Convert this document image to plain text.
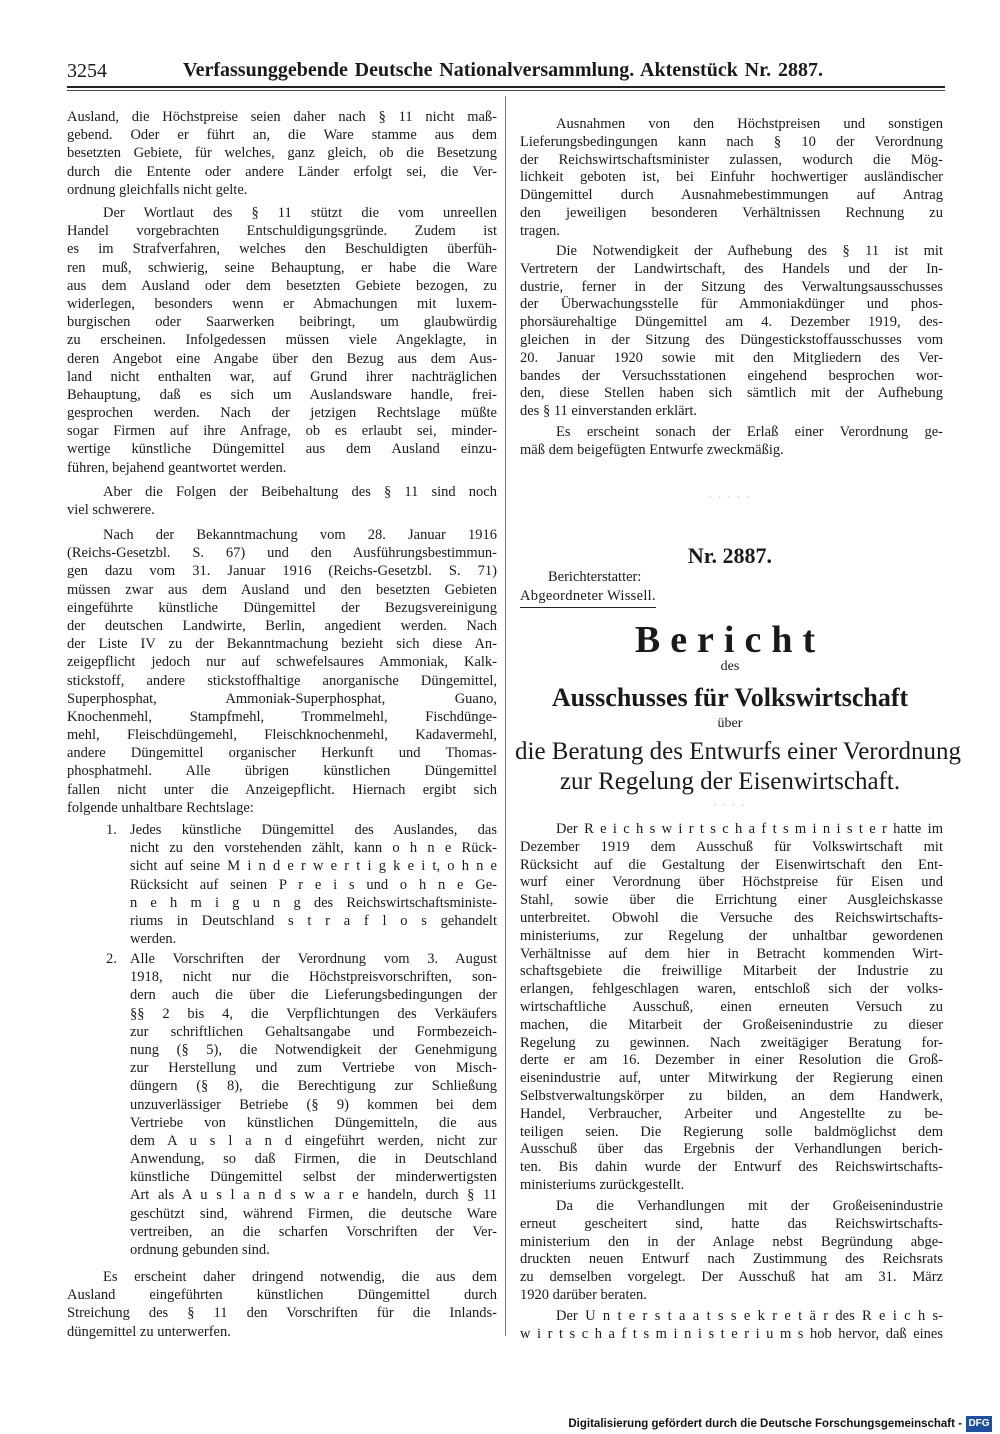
3254	Verfassunggebende Deutsche Nationalversammlung. Aktenstück Nr. 2887.
Ausland, die Höchstpreise seien daher nach § 11 nicht maß-
gebend. Oder er führt an, die Ware stamme aus dem
besetzten Gebiete, für welches, ganz gleich, ob die Besetzung
durch die Entente oder andere Länder erfolgt sei, die Ver-
ordnung gleichfalls nicht gelte.
Der Wortlaut des § 11 stützt die vom unreellen
Handel vorgebrachten Entschuldigungsgründe. Zudem ist
es im Strafverfahren, welches den Beschuldigten überfüh-
ren muß, schwierig, seine Behauptung, er habe die Ware
aus dem Ausland oder dem besetzten Gebiete bezogen, zu
widerlegen, besonders wenn er Abmachungen mit luxem-
burgischen oder Saarwerken beibringt, um glaubwürdig
zu erscheinen. Infolgedessen müssen viele Angeklagte, in
deren Angebot eine Angabe über den Bezug aus dem Aus-
land nicht enthalten war, auf Grund ihrer nachträglichen
Behauptung, daß es sich um Auslandsware handle, frei-
gesprochen werden. Nach der jetzigen Rechtslage müßte
sogar Firmen auf ihre Anfrage, ob es erlaubt sei, minder-
wertige künstliche Düngemittel aus dem Ausland einzu-
führen, bejahend geantwortet werden.
Aber die Folgen der Beibehaltung des § 11 sind noch
viel schwerere.
Nach der Bekanntmachung vom 28. Januar 1916
(Reichs-Gesetzbl. S. 67) und den Ausführungsbestimmun-
gen dazu vom 31. Januar 1916 (Reichs-Gesetzbl. S. 71)
müssen zwar aus dem Ausland und den besetzten Gebieten
eingeführte künstliche Düngemittel der Bezugsvereinigung
der deutschen Landwirte, Berlin, angedient werden. Nach
der Liste IV zu der Bekanntmachung bezieht sich diese An-
zeigepflicht jedoch nur auf schwefelsaures Ammoniak, Kalk-
stickstoff, andere stickstoffhaltige anorganische Düngemittel,
Superphosphat, Ammoniak-Superphosphat, Guano,
Knochenmehl, Stampfmehl, Trommelmehl, Fischdünge-
mehl, Fleischdüngemehl, Fleischknochenmehl, Kadavermehl,
andere Düngemittel organischer Herkunft und Thomas-
phosphatmehl. Alle übrigen künstlichen Düngemittel
fallen nicht unter die Anzeigepflicht. Hiernach ergibt sich
folgende unhaltbare Rechtslage:
1. Jedes künstliche Düngemittel des Auslandes, das
nicht zu den vorstehenden zählt, kann o h n e Rück-
sicht auf seine M i n d e r w e r t i g k e i t, o h n e
Rücksicht auf seinen P r e i s und o h n e Ge-
n e h m i g u n g des Reichswirtschaftsministe-
riums in Deutschland s t r a f l o s gehandelt
werden.
2. Alle Vorschriften der Verordnung vom 3. August
1918, nicht nur die Höchstpreisvorschriften, son-
dern auch die über die Lieferungsbedingungen der
§§ 2 bis 4, die Verpflichtungen des Verkäufers
zur schriftlichen Gehaltsangabe und Formbezeich-
nung (§ 5), die Notwendigkeit der Genehmigung
zur Herstellung und zum Vertriebe von Misch-
düngern (§ 8), die Berechtigung zur Schließung
unzuverlässiger Betriebe (§ 9) kommen bei dem
Vertriebe von künstlichen Düngemitteln, die aus
dem A u s l a n d eingeführt werden, nicht zur
Anwendung, so daß Firmen, die in Deutschland
künstliche Düngemittel selbst der minderwertigsten
Art als A u s l a n d s w a r e handeln, durch § 11
geschützt sind, während Firmen, die deutsche Ware
vertreiben, an die scharfen Vorschriften der Ver-
ordnung gebunden sind.
Es erscheint daher dringend notwendig, die aus dem
Ausland eingeführten künstlichen Düngemittel durch
Streichung des § 11 den Vorschriften für die Inlands-
düngemittel zu unterwerfen.
Ausnahmen von den Höchstpreisen und sonstigen
Lieferungsbedingungen kann nach § 10 der Verordnung
der Reichswirtschaftsminister zulassen, wodurch die Mög-
lichkeit geboten ist, bei Einfuhr hochwertiger ausländischer
Düngemittel durch Ausnahmebestimmungen auf Antrag
den jeweiligen besonderen Verhältnissen Rechnung zu
tragen.
Die Notwendigkeit der Aufhebung des § 11 ist mit
Vertretern der Landwirtschaft, des Handels und der In-
dustrie, ferner in der Sitzung des Verwaltungsausschusses
der Überwachungsstelle für Ammoniakdünger und phos-
phorsäurehaltige Düngemittel am 4. Dezember 1919, des-
gleichen in der Sitzung des Düngestickstoffausschusses vom
20. Januar 1920 sowie mit den Mitgliedern des Ver-
bandes der Versuchsstationen eingehend besprochen wor-
den, diese Stellen haben sich sämtlich mit der Aufhebung
des § 11 einverstanden erklärt.
Es erscheint sonach der Erlaß einer Verordnung ge-
mäß dem beigefügten Entwurfe zweckmäßig.
· · · · ·
Nr. 2887.
Berichterstatter:
Abgeordneter Wissell.
Bericht
des
Ausschusses für Volkswirtschaft
über
die Beratung des Entwurfs einer Verordnung
zur Regelung der Eisenwirtschaft.
· · · ·
Der R e i c h s w i r t s c h a f t s m i n i s t e r hatte im
Dezember 1919 dem Ausschuß für Volkswirtschaft mit
Rücksicht auf die Gestaltung der Eisenwirtschaft den Ent-
wurf einer Verordnung über Höchstpreise für Eisen und
Stahl, sowie über die Errichtung einer Ausgleichskasse
unterbreitet. Obwohl die Versuche des Reichswirtschafts-
ministeriums, zur Regelung der unhaltbar gewordenen
Verhältnisse auf dem hier in Betracht kommenden Wirt-
schaftsgebiete die freiwillige Mitarbeit der Industrie zu
erlangen, fehlgeschlagen waren, entschloß sich der volks-
wirtschaftliche Ausschuß, einen erneuten Versuch zu
machen, die Mitarbeit der Großeisenindustrie zu dieser
Regelung zu gewinnen. Nach zweitägiger Beratung for-
derte er am 16. Dezember in einer Resolution die Groß-
eisenindustrie auf, unter Mitwirkung der Regierung einen
Selbstverwaltungskörper zu bilden, an dem Handwerk,
Handel, Verbraucher, Arbeiter und Angestellte zu be-
teiligen seien. Die Regierung solle baldmöglichst dem
Ausschuß über das Ergebnis der Verhandlungen berich-
ten. Bis dahin wurde der Entwurf des Reichswirtschafts-
ministeriums zurückgestellt.
Da die Verhandlungen mit der Großeisenindustrie
erneut gescheitert sind, hatte das Reichswirtschafts-
ministerium den in der Anlage nebst Begründung abge-
druckten neuen Entwurf nach Zustimmung des Reichsrats
zu demselben vorgelegt. Der Ausschuß hat am 31. März
1920 darüber beraten.
Der U n t e r s t a a t s s e k r e t ä r des R e i c h s-
w i r t s c h a f t s m i n i s t e r i u m s hob hervor, daß eines
Digitalisierung gefördert durch die Deutsche Forschungsgemeinschaft - DFG
